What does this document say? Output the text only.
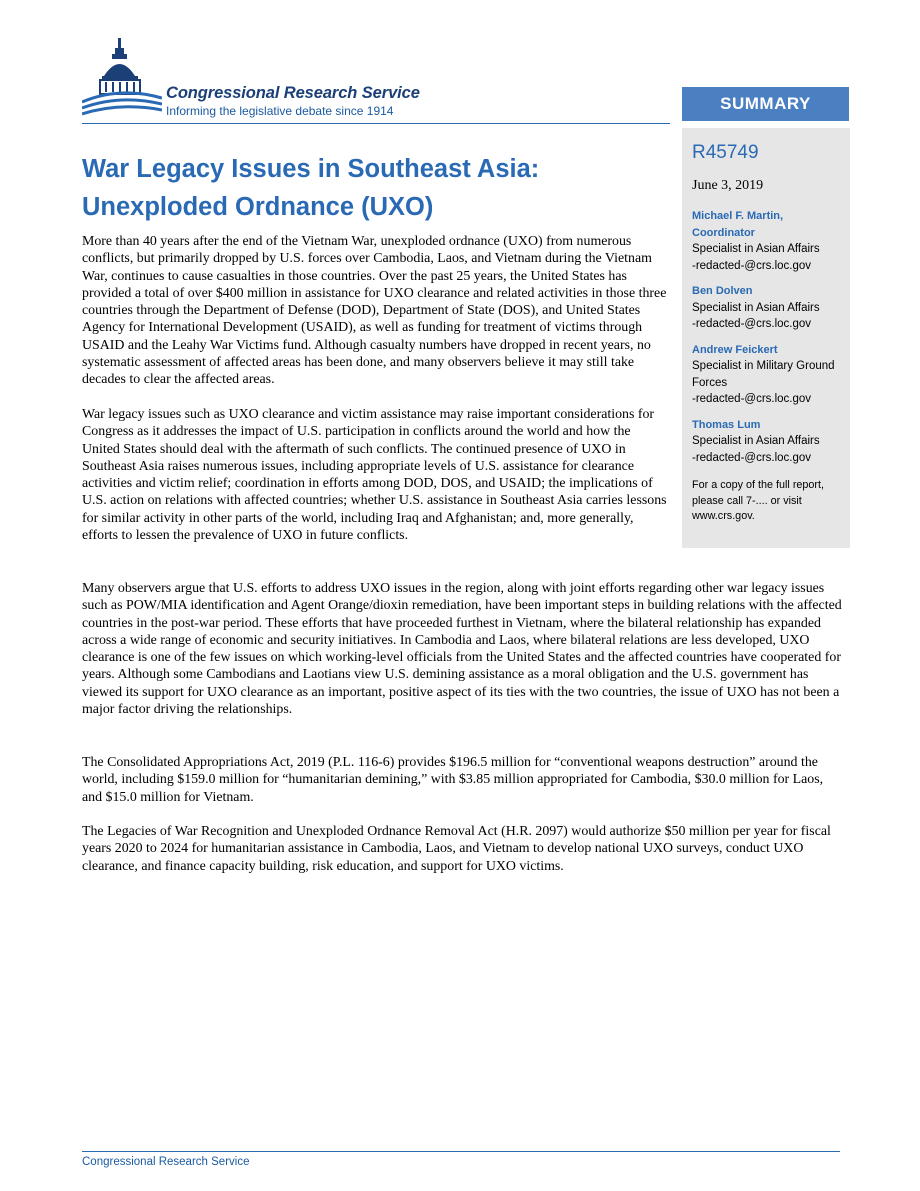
Congressional Research Service
Informing the legislative debate since 1914	SUMMARY
R45749
June 3, 2019
Michael F. Martin, Coordinator
Specialist in Asian Affairs
-redacted-@crs.loc.gov
Ben Dolven
Specialist in Asian Affairs
-redacted-@crs.loc.gov
Andrew Feickert
Specialist in Military Ground Forces
-redacted-@crs.loc.gov
Thomas Lum
Specialist in Asian Affairs
-redacted-@crs.loc.gov
For a copy of the full report, please call 7-.... or visit www.crs.gov.
War Legacy Issues in Southeast Asia: Unexploded Ordnance (UXO)

More than 40 years after the end of the Vietnam War, unexploded ordnance (UXO) from numerous conflicts, but primarily dropped by U.S. forces over Cambodia, Laos, and Vietnam during the Vietnam War, continues to cause casualties in those countries. Over the past 25 years, the United States has provided a total of over $400 million in assistance for UXO clearance and related activities in those three countries through the Department of Defense (DOD), Department of State (DOS), and United States Agency for International Development (USAID), as well as funding for treatment of victims through USAID and the Leahy War Victims fund. Although casualty numbers have dropped in recent years, no systematic assessment of affected areas has been done, and many observers believe it may still take decades to clear the affected areas.

War legacy issues such as UXO clearance and victim assistance may raise important considerations for Congress as it addresses the impact of U.S. participation in conflicts around the world and how the United States should deal with the aftermath of such conflicts. The continued presence of UXO in Southeast Asia raises numerous issues, including appropriate levels of U.S. assistance for clearance activities and victim relief; coordination in efforts among DOD, DOS, and USAID; the implications of U.S. action on relations with affected countries; whether U.S. assistance in Southeast Asia carries lessons for similar activity in other parts of the world, including Iraq and Afghanistan; and, more generally, efforts to lessen the prevalence of UXO in future conflicts.

Many observers argue that U.S. efforts to address UXO issues in the region, along with joint efforts regarding other war legacy issues such as POW/MIA identification and Agent Orange/dioxin remediation, have been important steps in building relations with the affected countries in the post-war period. These efforts that have proceeded furthest in Vietnam, where the bilateral relationship has expanded across a wide range of economic and security initiatives. In Cambodia and Laos, where bilateral relations are less developed, UXO clearance is one of the few issues on which working-level officials from the United States and the affected countries have cooperated for years. Although some Cambodians and Laotians view U.S. demining assistance as a moral obligation and the U.S. government has viewed its support for UXO clearance as an important, positive aspect of its ties with the two countries, the issue of UXO has not been a major factor driving the relationships.

The Consolidated Appropriations Act, 2019 (P.L. 116-6) provides $196.5 million for “conventional weapons destruction” around the world, including $159.0 million for “humanitarian demining,” with $3.85 million appropriated for Cambodia, $30.0 million for Laos, and $15.0 million for Vietnam.

The Legacies of War Recognition and Unexploded Ordnance Removal Act (H.R. 2097) would authorize $50 million per year for fiscal years 2020 to 2024 for humanitarian assistance in Cambodia, Laos, and Vietnam to develop national UXO surveys, conduct UXO clearance, and finance capacity building, risk education, and support for UXO victims.

Congressional Research Service
